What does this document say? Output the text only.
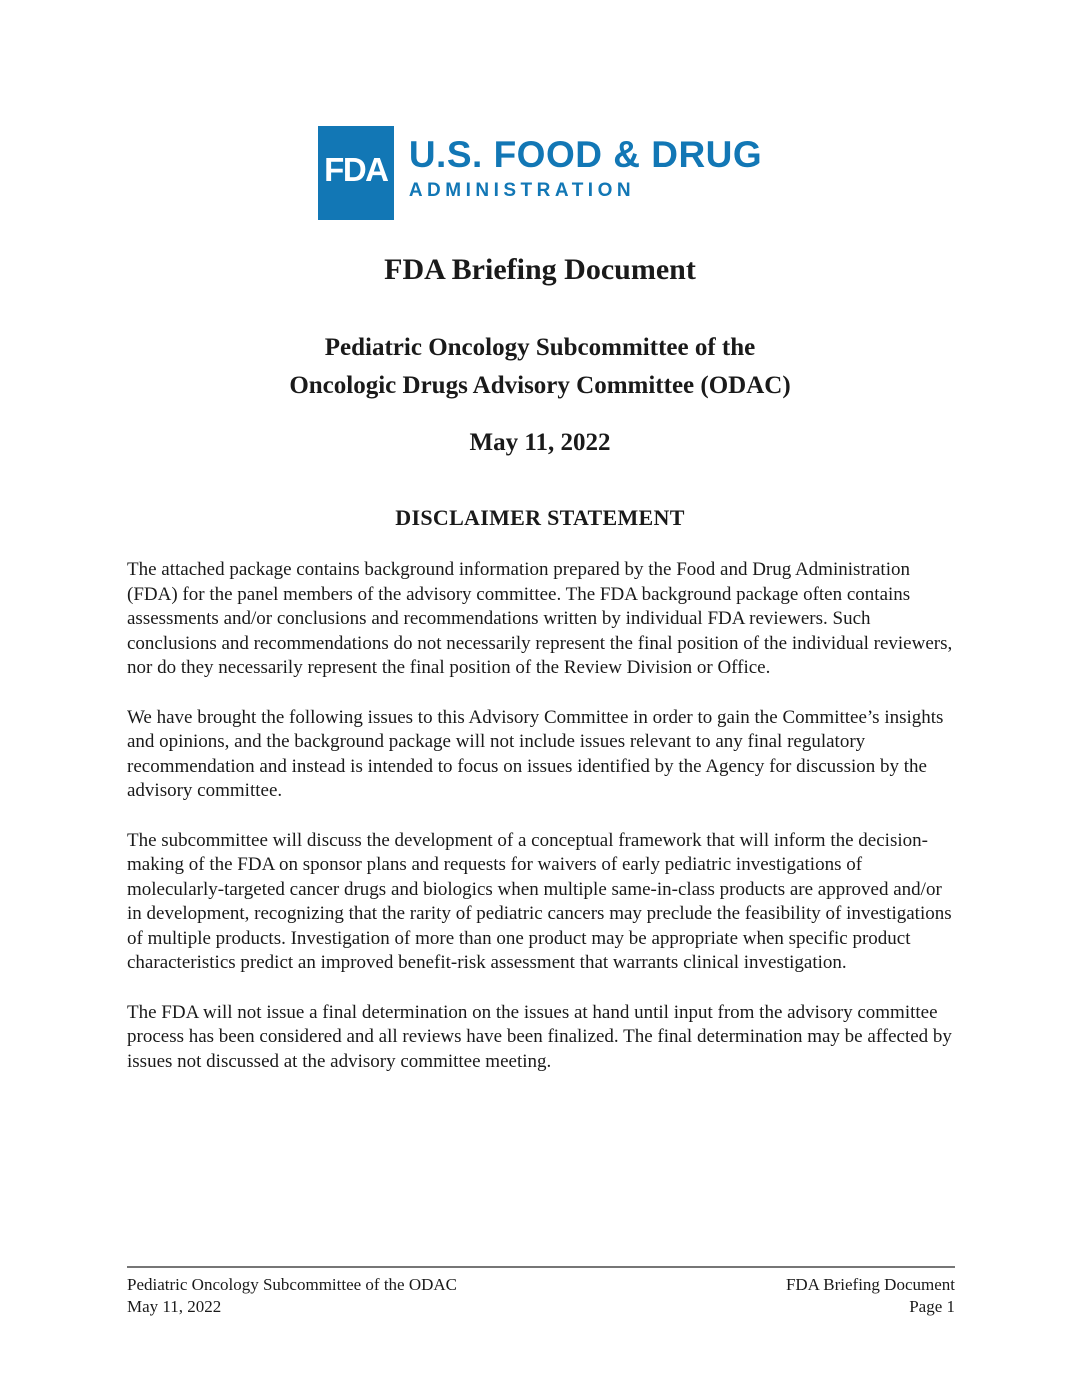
FDA U.S. FOOD & DRUG
ADMINISTRATION
FDA Briefing Document
Pediatric Oncology Subcommittee of the
Oncologic Drugs Advisory Committee (ODAC)
May 11, 2022
DISCLAIMER STATEMENT

The attached package contains background information prepared by the Food and Drug Administration (FDA) for the panel members of the advisory committee. The FDA background package often contains assessments and/or conclusions and recommendations written by individual FDA reviewers. Such conclusions and recommendations do not necessarily represent the final position of the individual reviewers, nor do they necessarily represent the final position of the Review Division or Office.

We have brought the following issues to this Advisory Committee in order to gain the Committee’s insights and opinions, and the background package will not include issues relevant to any final regulatory recommendation and instead is intended to focus on issues identified by the Agency for discussion by the advisory committee.

The subcommittee will discuss the development of a conceptual framework that will inform the decision-making of the FDA on sponsor plans and requests for waivers of early pediatric investigations of molecularly-targeted cancer drugs and biologics when multiple same-in-class products are approved and/or in development, recognizing that the rarity of pediatric cancers may preclude the feasibility of investigations of multiple products. Investigation of more than one product may be appropriate when specific product characteristics predict an improved benefit-risk assessment that warrants clinical investigation.

The FDA will not issue a final determination on the issues at hand until input from the advisory committee process has been considered and all reviews have been finalized. The final determination may be affected by issues not discussed at the advisory committee meeting.

Pediatric Oncology Subcommittee of the ODAC
May 11, 2022
FDA Briefing Document
Page 1
